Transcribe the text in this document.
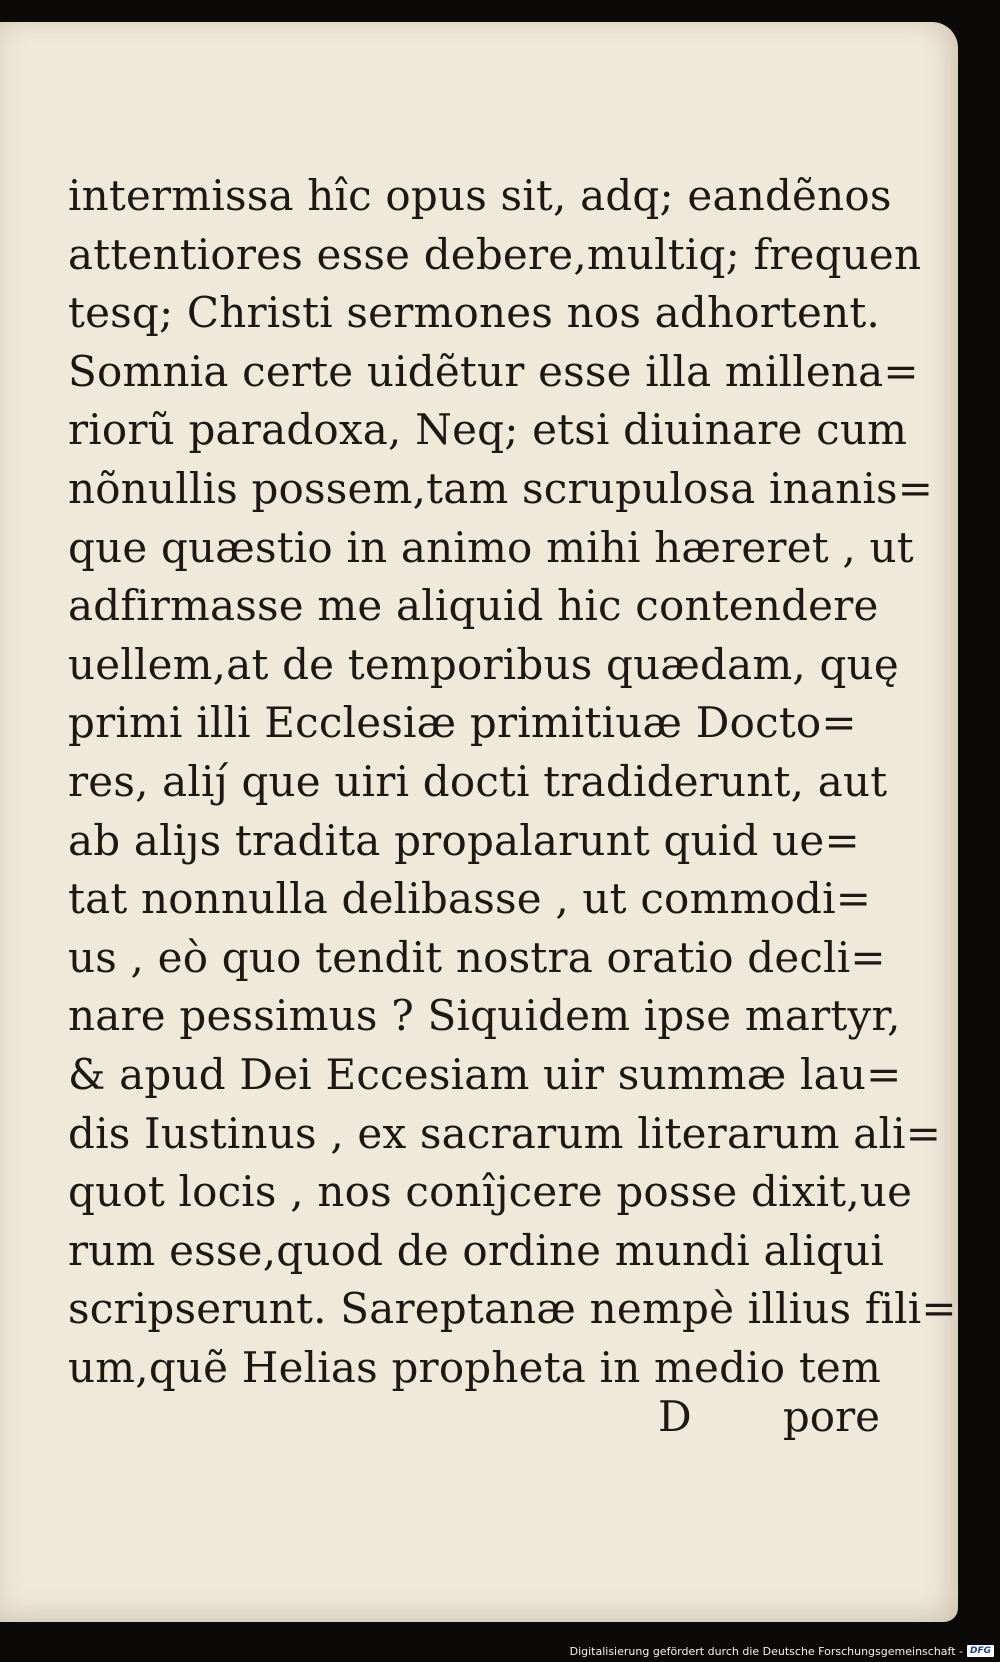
intermissa hîc opus sit, adq; eandẽnos
attentiores esse debere,multiq; frequen
tesq; Christi sermones nos adhortent.
Somnia certe uidẽtur esse illa millena=
riorũ paradoxa, Neq; etsi diuinare cum
nõnullis possem,tam scrupulosa inanis=
que quæstio in animo mihi hæreret , ut
adfirmasse me aliquid hic contendere
uellem,at de temporibus quædam, quę
primi illi Ecclesiæ primitiuæ Docto=
res, aliȷ́ que uiri docti tradiderunt, aut
ab aliȷs tradita propalarunt quid ue=
tat nonnulla delibasse , ut commodi=
us , eò quo tendit nostra oratio decli=
nare pessimus ? Siquidem ipse martyr,
& apud Dei Eccesiam uir summæ lau=
dis Iustinus , ex sacrarum literarum ali=
quot locis , nos conîjcere posse dixit,ue
rum esse,quod de ordine mundi aliqui
scripserunt. Sareptanæ nempè illius fili=
um,quẽ Helias propheta in medio tem
D pore
Digitalisierung gefördert durch die Deutsche Forschungsgemeinschaft - DFG
